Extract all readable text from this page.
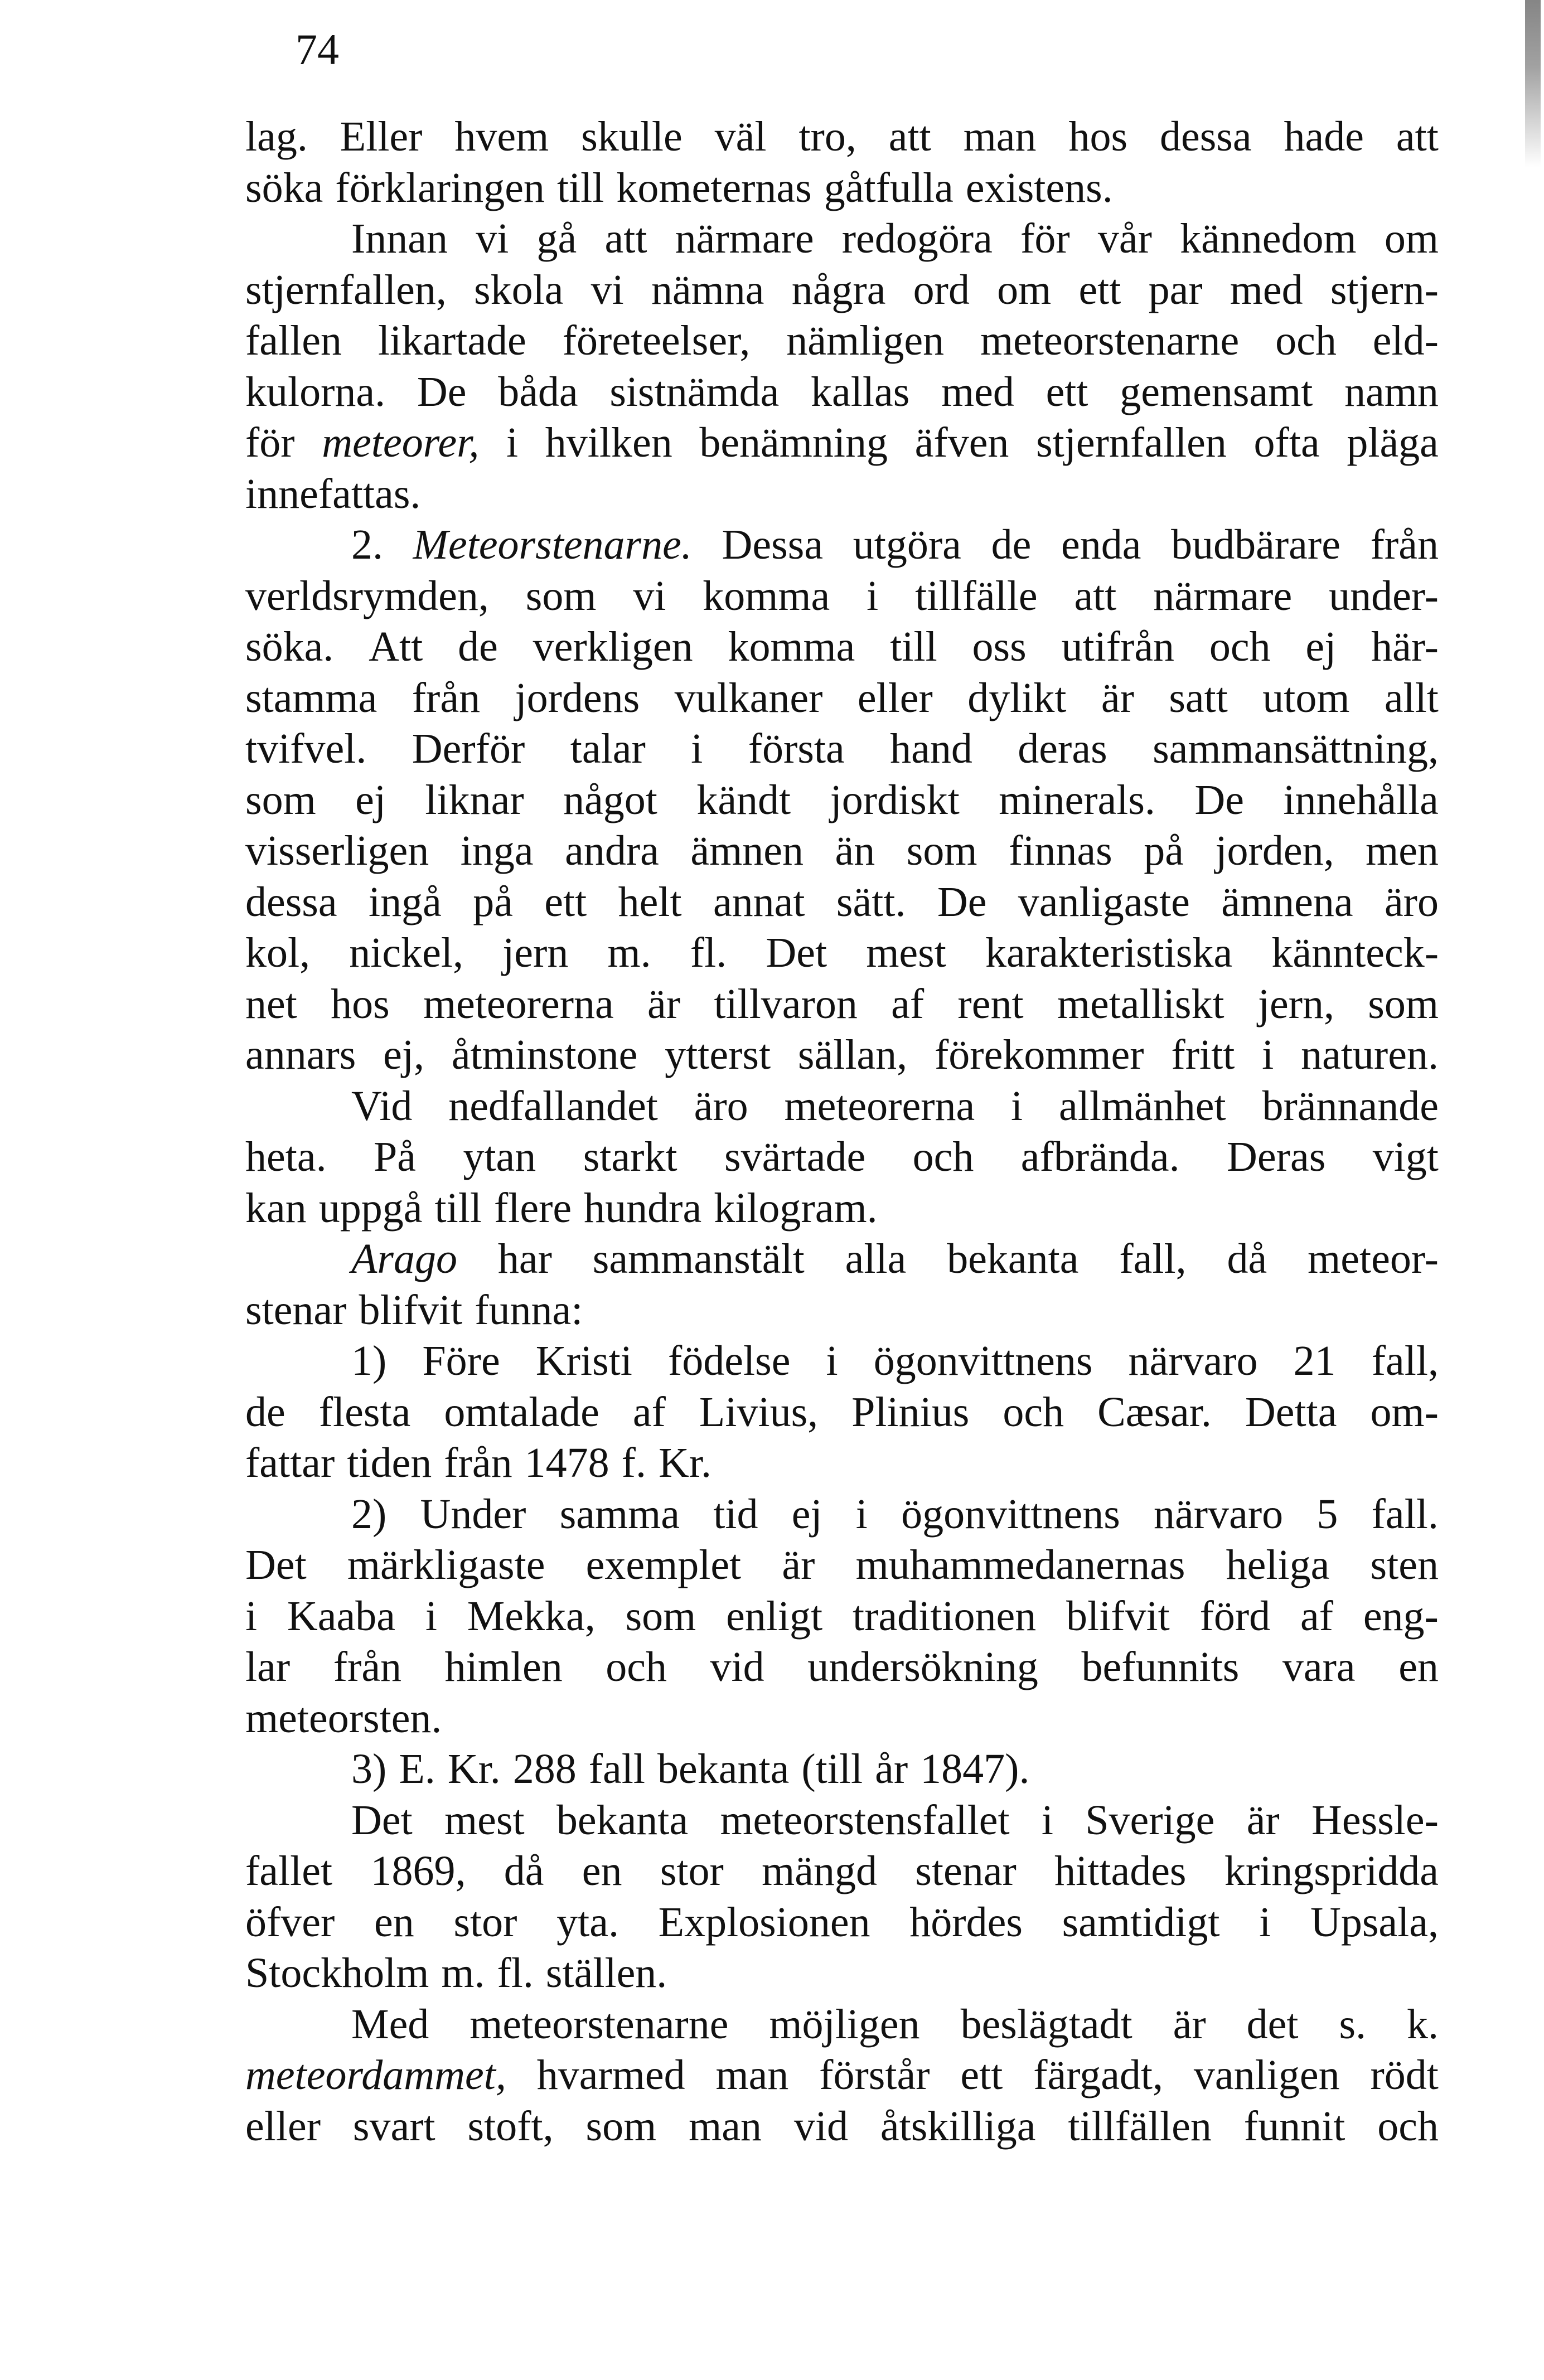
74
lag. Eller hvem skulle väl tro, att man hos dessa hade att
söka förklaringen till kometernas gåtfulla existens.
Innan vi gå att närmare redogöra för vår kännedom om
stjernfallen, skola vi nämna några ord om ett par med stjern-
fallen likartade företeelser, nämligen meteorstenarne och eld-
kulorna. De båda sistnämda kallas med ett gemensamt namn
för meteorer, i hvilken benämning äfven stjernfallen ofta pläga
innefattas.
2. Meteorstenarne. Dessa utgöra de enda budbärare från
verldsrymden, som vi komma i tillfälle att närmare under-
söka. Att de verkligen komma till oss utifrån och ej här-
stamma från jordens vulkaner eller dylikt är satt utom allt
tvifvel. Derför talar i första hand deras sammansättning,
som ej liknar något kändt jordiskt minerals. De innehålla
visserligen inga andra ämnen än som finnas på jorden, men
dessa ingå på ett helt annat sätt. De vanligaste ämnena äro
kol, nickel, jern m. fl. Det mest karakteristiska kännteck-
net hos meteorerna är tillvaron af rent metalliskt jern, som
annars ej, åtminstone ytterst sällan, förekommer fritt i naturen.
Vid nedfallandet äro meteorerna i allmänhet brännande
heta. På ytan starkt svärtade och afbrända. Deras vigt
kan uppgå till flere hundra kilogram.
Arago har sammanstält alla bekanta fall, då meteor-
stenar blifvit funna:
1) Före Kristi födelse i ögonvittnens närvaro 21 fall,
de flesta omtalade af Livius, Plinius och Cæsar. Detta om-
fattar tiden från 1478 f. Kr.
2) Under samma tid ej i ögonvittnens närvaro 5 fall.
Det märkligaste exemplet är muhammedanernas heliga sten
i Kaaba i Mekka, som enligt traditionen blifvit förd af eng-
lar från himlen och vid undersökning befunnits vara en
meteorsten.
3) E. Kr. 288 fall bekanta (till år 1847).
Det mest bekanta meteorstensfallet i Sverige är Hessle-
fallet 1869, då en stor mängd stenar hittades kringspridda
öfver en stor yta. Explosionen hördes samtidigt i Upsala,
Stockholm m. fl. ställen.
Med meteorstenarne möjligen beslägtadt är det s. k.
meteordammet, hvarmed man förstår ett färgadt, vanligen rödt
eller svart stoft, som man vid åtskilliga tillfällen funnit och
